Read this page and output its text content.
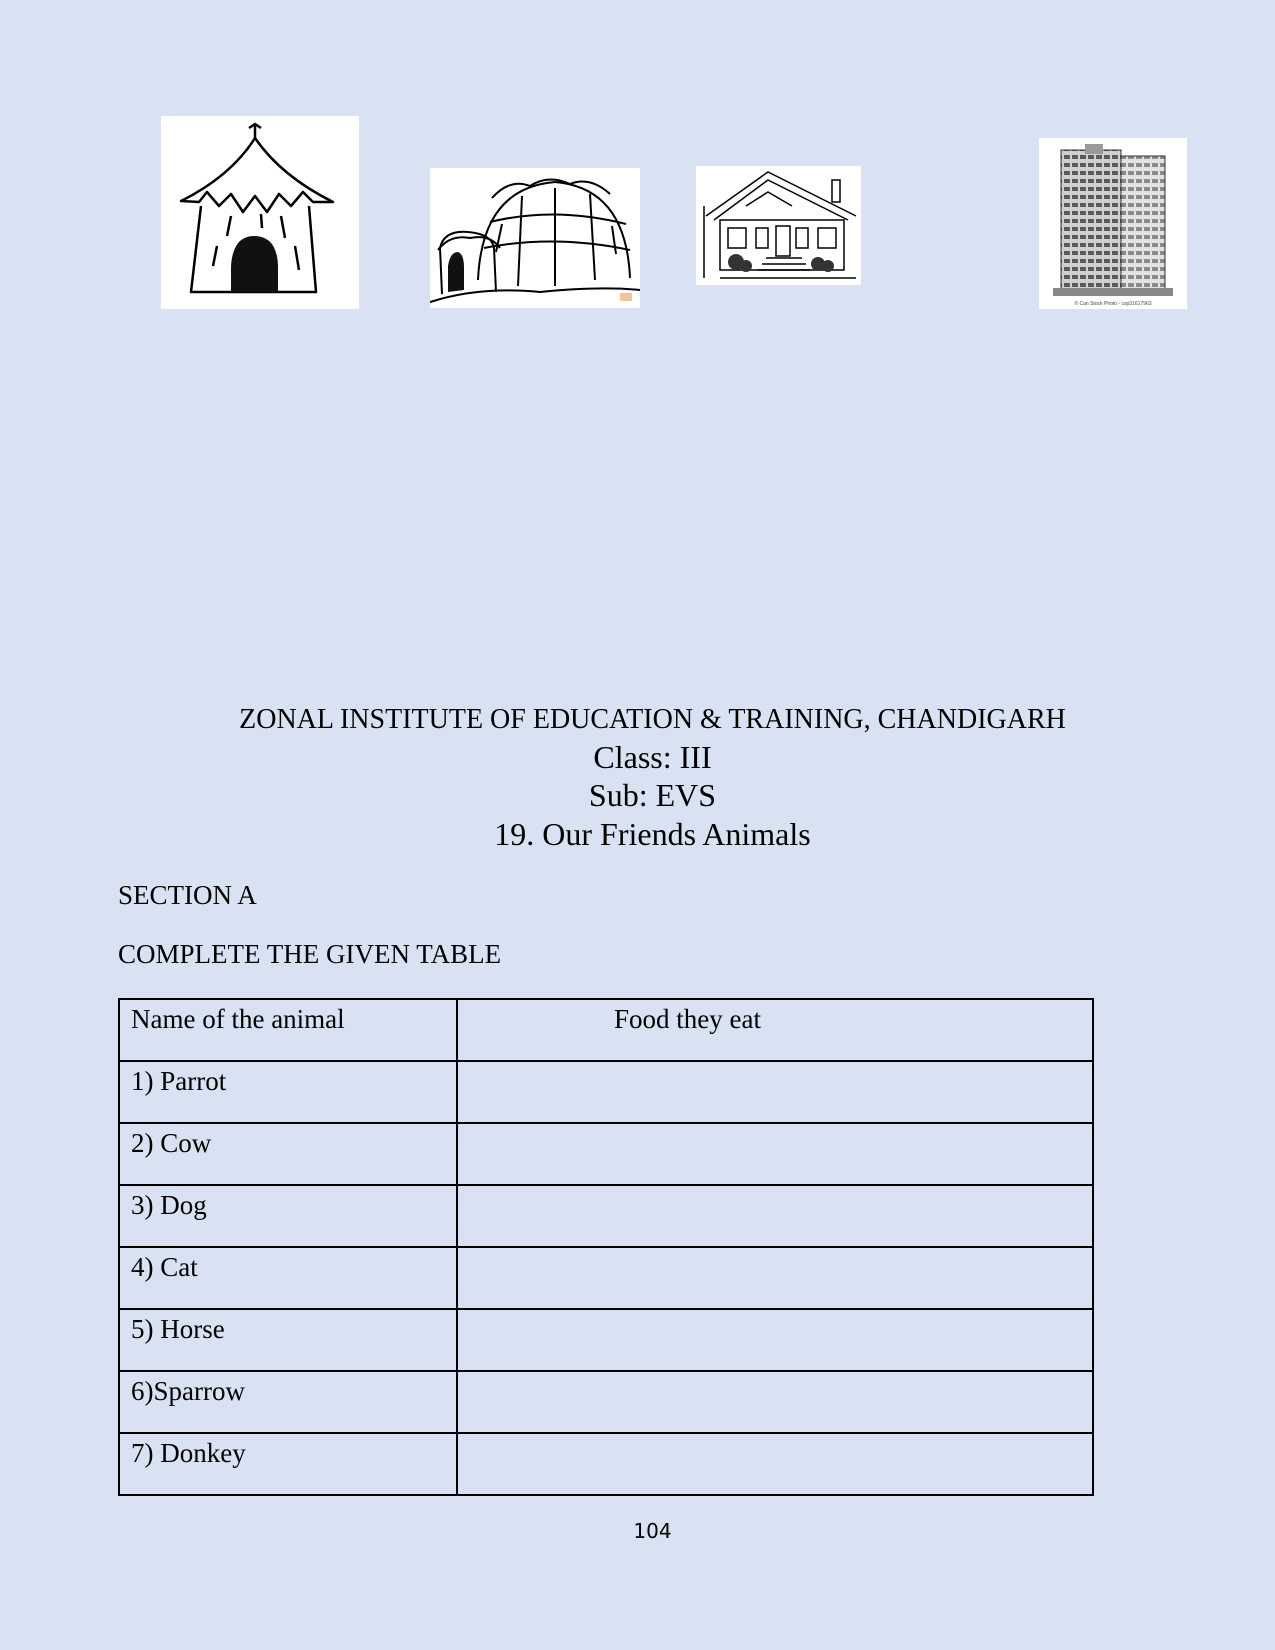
© Can Stock Photo - csp31617963
ZONAL INSTITUTE OF EDUCATION & TRAINING, CHANDIGARH
Class: III
Sub: EVS
19. Our Friends Animals
SECTION A
COMPLETE THE GIVEN TABLE
Name of the animal	Food they eat
1) Parrot	
2) Cow	
3) Dog	
4) Cat	
5) Horse	
6)Sparrow	
7) Donkey	
104
